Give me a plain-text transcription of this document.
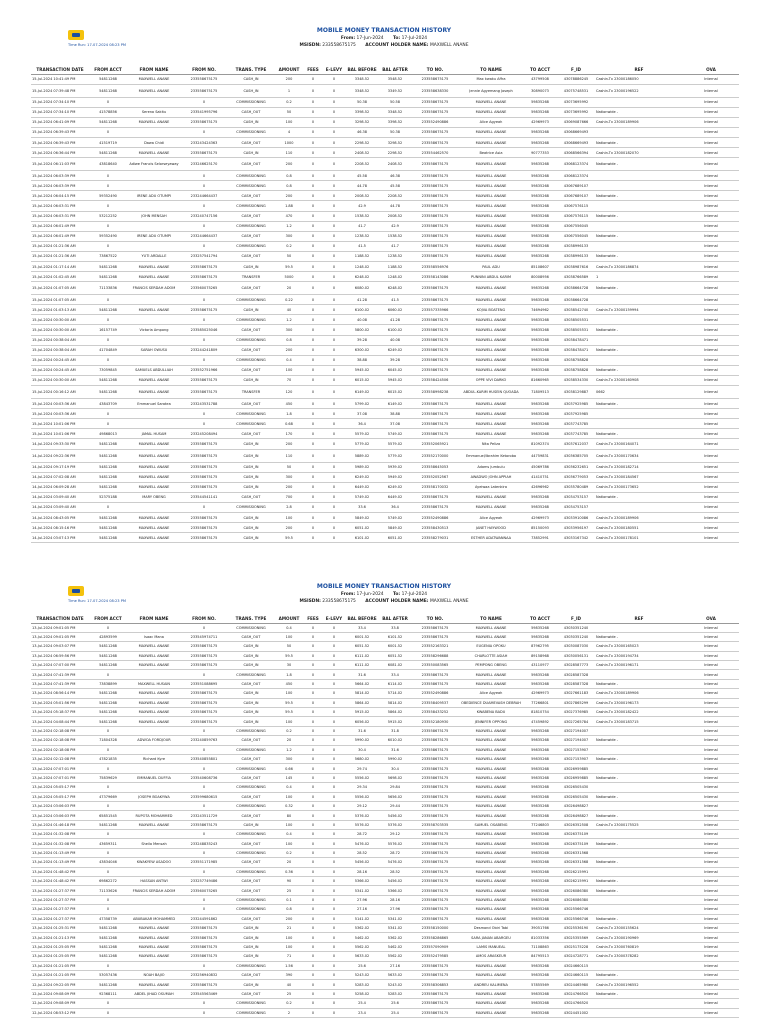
Time Run: 17-07-2024 08:23 PM
MOBILE MONEY TRANSACTION HISTORY
From: 17-Jun-2024 To: 17-Jul-2024
MSISDN: 233558675175 ACCOUNT HOLDER NAME: MAXWELL ANANE
TRANSACTION DATE	FROM ACCT	FROM NAME	FROM NO.	TRANS. TYPE	AMOUNT	FEES	E-LEVY	BAL BEFORE	BAL AFTER	TO NO.	TO NAME	TO ACCT	F_ID	REF	OVA
15-Jul-2024 10:41:49 PM	54811268	MAXWELL ANANE	233558675175	CASH_IN	200	0	0	3348.52	3548.52	233558675175	Max kwaku Affra	43799508	43078886245	Cashin-Tx 23000186050	Internal
15-Jul-2024 07:39:48 PM	54811268	MAXWELL ANANE	233558675175	CASH_IN	1	0	0	3348.52	3349.52	233558638330	Jennie Agyemang Joseph	30890073	43075748531	Cashin-Tx 23000196522	Internal
15-Jul-2024 07:34:10 PM	0		0	COMMISSIONING	0.2	0	0	50.38	50.58	233558675175	MAXWELL ANANE	59835268	43073695992		Internal
15-Jul-2024 07:34:10 PM	41578856	Serena Sakitu	233541995796	CASH_OUT	50	0	0	3398.52	3348.52	233558675175	MAXWELL ANANE	59835268	43073695992	Nationwide -	Internal
15-Jul-2024 06:41:09 PM	54811268	MAXWELL ANANE	233558675175	CASH_IN	100	0	0	3298.52	3398.52	233552490886	Alice Agyeah	42969973	43069087666	Cashin-Tx 23000189906	Internal
15-Jul-2024 06:39:43 PM	0		0	COMMISSIONING	4	0	0	46.38	50.38	233558675175	MAXWELL ANANE	59835268	43068669493		Internal
15-Jul-2024 06:39:43 PM	41519719	Dawa Chidi	233243424363	CASH_OUT	1000	0	0	2298.52	3298.52	233558675175	MAXWELL ANANE	59835268	43068669493	Nationwide -	Internal
15-Jul-2024 06:36:44 PM	54811268	MAXWELL ANANE	233558675175	CASH_IN	110	0	0	2408.52	2298.52	233554462570	Beatrice Asia	90777353	43068566394	Cashin-Tx 23000182070	Internal
15-Jul-2024 06:11:03 PM	43818640	Adiwe Francis Selorseyaway	233246625170	CASH_OUT	200	0	0	2208.52	2408.52	233558675175	MAXWELL ANANE	59835268	43068123374	Nationwide -	Internal
15-Jul-2024 06:03:39 PM	0		0	COMMISSIONING	0.8	0	0	45.58	46.38	233558675175	MAXWELL ANANE	59835268	43068123374		Internal
15-Jul-2024 06:03:39 PM	0		0	COMMISSIONING	0.8	0	0	44.78	45.58	233558675175	MAXWELL ANANE	59835268	43067689107		Internal
15-Jul-2024 06:04:15 PM	59352490	IRENE ADU OTUMPI	233244664437	CASH_OUT	200	0	0	2008.52	2208.52	233558675175	MAXWELL ANANE	59835268	43067689107	Nationwide -	Internal
15-Jul-2024 06:03:31 PM	0		0	COMMISSIONING	1.88	0	0	42.9	44.78	233558675175	MAXWELL ANANE	59835268	43067576115		Internal
15-Jul-2024 06:03:31 PM	53212252	JOHN MENSAH	233240747156	CASH_OUT	470	0	0	1538.52	2008.52	233558675175	MAXWELL ANANE	59835268	43067576115	Nationwide -	Internal
15-Jul-2024 06:01:49 PM	0		0	COMMISSIONING	1.2	0	0	41.7	42.9	233558675175	MAXWELL ANANE	59835268	43067556045		Internal
15-Jul-2024 06:01:49 PM	59352490	IRENE ADU OTUMPI	233244664437	CASH_OUT	300	0	0	1238.52	1538.52	233558675175	MAXWELL ANANE	59835268	43067556045	Nationwide -	Internal
15-Jul-2024 01:21:36 AM	0		0	COMMISSIONING	0.2	0	0	41.5	41.7	233558675175	MAXWELL ANANE	59835268	43038996133		Internal
15-Jul-2024 01:21:36 AM	73867522	YUTI ARDALLE	233257541794	CASH_OUT	50	0	0	1188.52	1238.52	233558675175	MAXWELL ANANE	59835268	43038996133	Nationwide -	Internal
15-Jul-2024 01:17:14 AM	54811268	MAXWELL ANANE	233558675175	CASH_IN	59.5	0	0	1248.02	1188.52	233558556976	PAUL ADU	85108607	43038987616	Cashin-Tx 23000186874	Internal
15-Jul-2024 01:02:45 AM	54811268	MAXWELL ANANE	233558675175	TRANSFER	5000	0	0	6248.02	1248.02	233558143086	PUNNINI ABDUL KARIM	80008956	43038766589	1	Internal
15-Jul-2024 01:07:05 AM	71133836	FRANCIS SERDAH ADOM	233560075265	CASH_OUT	20	0	0	6080.02	6248.02	233558675175	MAXWELL ANANE	59835268	43038664728	Nationwide -	Internal
15-Jul-2024 01:07:05 AM	0		0	COMMISSIONING	0.22	0	0	41.28	41.5	233558675175	MAXWELL ANANE	59835268	43038664728		Internal
15-Jul-2024 01:03:13 AM	54811268	MAXWELL ANANE	233558675175	CASH_IN	40	0	0	6100.02	6060.02	233557335966	KOJVA BOATENG	74694962	43038542740	Cashin-Tx 23000159994	Internal
15-Jul-2024 00:30:00 AM	0		0	COMMISSIONING	1.2	0	0	40.08	41.28	233558675175	MAXWELL ANANE	59835268	43038505531		Internal
15-Jul-2024 00:30:00 AM	16157749	Victoria Ampong	233585025046	CASH_OUT	300	0	0	5800.02	6100.02	233558675175	MAXWELL ANANE	59835268	43038505531	Nationwide -	Internal
15-Jul-2024 00:38:04 AM	0		0	COMMISSIONING	0.8	0	0	39.28	40.08	233558675175	MAXWELL ANANE	59835268	43038478471		Internal
15-Jul-2024 00:38:04 AM	41704849	SARAH OWUSU	233244241809	CASH_OUT	200	0	0	6300.02	6249.02	233558675175	MAXWELL ANANE	59835268	43038478471	Nationwide -	Internal
15-Jul-2024 00:24:45 AM	0		0	COMMISSIONING	0.4	0	0	38.88	39.28	233558675175	MAXWELL ANANE	59835268	43038758828		Internal
15-Jul-2024 00:24:45 AM	73059845	SAMUELS ABDULLIAH	233552751966	CASH_OUT	100	0	0	5945.02	6045.02	233558675175	MAXWELL ANANE	59835268	43038758828	Nationwide -	Internal
15-Jul-2024 00:30:00 AM	54811268	MAXWELL ANANE	233558675175	CASH_IN	70	0	0	6015.02	5945.02	233558424506	OPPE VIVI DARKO	81660965	43038534330	Cashin-Tx 23000160908	Internal
15-Jul-2024 00:16:12 AM	54811268	MAXWELL ANANE	233558675175	TRANSFER	120	0	0	6149.02	6015.02	233558998238	ABDUL-KARIM HUSEIN QUOADA	71809513	43038129887	0662	Internal
15-Jul-2024 00:03:36 AM	43843709	Emmanuel Saratea	233243531788	CASH_OUT	450	0	0	5799.02	6149.02	233558675175	MAXWELL ANANE	59835268	43037925985	Nationwide -	Internal
15-Jul-2024 00:03:36 AM	0		0	COMMISSIONING	1.8	0	0	37.08	38.88	233558675175	MAXWELL ANANE	59835268	43037925985		Internal
15-Jul-2024 10:01:06 PM	0		0	COMMISSIONING	0.68	0	0	36.4	37.08	233558675175	MAXWELL ANANE	59835268	43037743785		Internal
15-Jul-2024 10:01:06 PM	49868013	JAMAL HUSAM	233245208494	CASH_OUT	170	0	0	5579.02	5749.02	233558675175	MAXWELL ANANE	59835268	43037743785	Nationwide -	Internal
14-Jul-2024 09:33:30 PM	54811268	MAXWELL ANANE	233558675175	CASH_IN	200	0	0	5779.02	5579.02	233552065921	Nita Peliza	81092374	43037612037	Cashin-Tx 23000164071	Internal
14-Jul-2024 09:22:36 PM	54811268	MAXWELL ANANE	233558675175	CASH_IN	110	0	0	5889.02	5779.02	233552170000	Emmanuel/Ibrahim Ketoroba	44759831	43036385705	Cashin-Tx 23000170634	Internal
14-Jul-2024 09:17:19 PM	54811268	MAXWELL ANANE	233558675175	CASH_IN	50	0	0	5989.02	5939.02	233558645053	Adams Jumbulu	45069786	43036232651	Cashin-Tx 23000182714	Internal
14-Jul-2024 07:02:08 AM	54811268	MAXWELL ANANE	233558675175	CASH_IN	300	0	0	6249.02	5949.02	233552052567	AWADWO JOHN APPIAH	41410751	43036779053	Cashin-Tx 23000184567	Internal
14-Jul-2024 06:09:28 AM	54811268	MAXWELL ANANE	233558675175	CASH_IN	200	0	0	6449.02	6249.02	233558170032	Ayeiwaa Latenkira	42696962	43035780489	Cashin-Tx 23000173652	Internal
14-Jul-2024 03:09:40 AM	52375188	MARY OBENG	233544541141	CASH_OUT	700	0	0	5749.02	6449.02	233558675175	MAXWELL ANANE	59835268	43034753157	Nationwide -	Internal
14-Jul-2024 03:09:40 AM	0		0	COMMISSIONING	2.8	0	0	33.6	36.4	233558675175	MAXWELL ANANE	59835268	43034753157		Internal
14-Jul-2024 08:43:05 PM	54811268	MAXWELL ANANE	233558675175	CASH_IN	100	0	0	5849.02	5749.02	233552490886	Alice Agyeah	42969973	43033910086	Cashin-Tx 23000189906	Internal
14-Jul-2024 08:15:16 PM	54811268	MAXWELL ANANE	233558675175	CASH_IN	200	0	0	6051.02	5849.02	233558430513	JANET HAYWOOD	85150093	43033956197	Cashin-Tx 23000180551	Internal
14-Jul-2024 03:07:13 PM	54811268	MAXWELL ANANE	233558675175	CASH_IN	59.5	0	0	6101.02	6051.02	233558279031	ESTHER ADATWANNAA	73852991	43033167342	Cashin-Tx 23000178101	Internal
Time Run: 17-07-2024 08:23 PM
MOBILE MONEY TRANSACTION HISTORY
From: 17-Jun-2024 To: 17-Jul-2024
MSISDN: 233558675175 ACCOUNT HOLDER NAME: MAXWELL ANANE
TRANSACTION DATE	FROM ACCT	FROM NAME	FROM NO.	TRANS. TYPE	AMOUNT	FEES	E-LEVY	BAL BEFORE	BAL AFTER	TO NO.	TO NAME	TO ACCT	F_ID	REF	OVA
13-Jul-2024 09:01:05 PM	0		0	COMMISSIONING	0.4	0	0	33.4	33.8	233558675175	MAXWELL ANANE	59835268	43030351240		Internal
13-Jul-2024 09:01:05 PM	42893599	Isaac Mana	233545974711	CASH_OUT	100	0	0	6001.52	6101.52	233558675175	MAXWELL ANANE	59835268	43030351240	Nationwide -	Internal
13-Jul-2024 09:03:07 PM	54811268	MAXWELL ANANE	233558675175	CASH_IN	50	0	0	6051.52	6001.52	233552163321	EUGENIA OPOKU	87962795	43030087030	Cashin-Tx 23000165023	Internal
13-Jul-2024 06:59:56 PM	54811268	MAXWELL ANANE	233558675175	CASH_IN	59.5	0	0	6111.02	6051.52	233558296688	CHARLOTTE ASIAH	89158968	43030056131	Cashin-Tx 23000194734	Internal
13-Jul-2024 07:07:00 PM	54811268	MAXWELL ANANE	233558675175	CASH_IN	30	0	0	6111.02	6081.02	233550083565	PEMPONG OBENG	43110977	43028587773	Cashin-Tx 23000196171	Internal
13-Jul-2024 07:41:39 PM	0		0	COMMISSIONING	1.8	0	0	31.6	33.4	233558675175	MAXWELL ANANE	59835268	43028587328		Internal
13-Jul-2024 07:41:39 PM	73838899	MAXWELL HUSAIN	233551088695	CASH_OUT	450	0	0	5664.02	6114.02	233558675175	MAXWELL ANANE	59835268	43028587328	Nationwide -	Internal
13-Jul-2024 08:56:14 PM	54811268	MAXWELL ANANE	233558675175	CASH_IN	100	0	0	5814.02	5714.02	233552490886	Alice Agyeah	42969973	43027661183	Cashin-Tx 23000189906	Internal
13-Jul-2024 05:01:56 PM	54811268	MAXWELL ANANE	233558675175	CASH_IN	59.5	0	0	5864.02	5814.02	233558409537	OBEDIENCE DUAMEVASH DEBRAH	77266801	43027865299	Cashin-Tx 23000196173	Internal
13-Jul-2024 05:18:37 PM	54811268	MAXWELL ANANE	233558675175	CASH_IN	59.5	0	0	5915.02	5864.02	233558433252	KWABENA BADU	81810754	43027376985	Cashin-Tx 23000182422	Internal
13-Jul-2024 04:08:44 PM	54811268	MAXWELL ANANE	233558675175	CASH_IN	100	0	0	6056.02	5915.02	233552180930	JENNIFER OPPONG	47459892	43027265784	Cashin-Tx 23000183715	Internal
13-Jul-2024 02:18:08 PM	0		0	COMMISSIONING	0.2	0	0	31.6	31.8	233558675175	MAXWELL ANANE	59835268	43027194007		Internal
13-Jul-2024 02:18:08 PM	71804328	ADWOA FORDJOUR	233240859763	CASH_OUT	20	0	0	5990.02	6010.02	233558675175	MAXWELL ANANE	59835268	43027194007	Nationwide -	Internal
13-Jul-2024 02:18:08 PM	0		0	COMMISSIONING	1.2	0	0	30.4	31.6	233558675175	MAXWELL ANANE	59835268	43027153907		Internal
13-Jul-2024 02:12:08 PM	47821835	Richard Kyre	233540855801	CASH_OUT	300	0	0	5680.02	5990.02	233558675175	MAXWELL ANANE	59835268	43027153907	Nationwide -	Internal
13-Jul-2024 07:07:01 PM	0		0	COMMISSIONING	0.66	0	0	29.74	30.4	233558675175	MAXWELL ANANE	59835268	43026959885		Internal
13-Jul-2024 07:07:01 PM	75839629	EMMANUEL DUFFIA	233540608736	CASH_OUT	145	0	0	5556.02	5698.02	233558675175	MAXWELL ANANE	59835268	43026959885	Nationwide -	Internal
13-Jul-2024 05:05:17 PM	0		0	COMMISSIONING	0.4	0	0	29.34	29.84	233558675175	MAXWELL ANANE	59835268	43026505430		Internal
13-Jul-2024 05:05:17 PM	47379669	JOSEPH BOAKYWA	233599680615	CASH_OUT	100	0	0	5556.02	5656.02	233558675175	MAXWELL ANANE	59835268	43026505430	Nationwide -	Internal
13-Jul-2024 03:06:03 PM	0		0	COMMISSIONING	0.32	0	0	29.12	29.44	233558675175	MAXWELL ANANE	59835268	43026498827		Internal
13-Jul-2024 03:06:03 PM	65851545	RUPOTA MOHAMMED	233243511729	CASH_OUT	80	0	0	5376.02	5456.02	233558675175	MAXWELL ANANE	59835268	43026498827	Nationwide -	Internal
13-Jul-2024 01:46:18 PM	54811268	MAXWELL ANANE	233558675175	CASH_IN	100	0	0	5576.02	5376.02	233558703535	SAMUEL OSABENG	77246803	43026352508	Cashin-Tx 23000175525	Internal
13-Jul-2024 01:32:08 PM	0		0	COMMISSIONING	0.4	0	0	28.72	29.12	233558675175	MAXWELL ANANE	59835268	43026375109		Internal
13-Jul-2024 01:32:08 PM	43659311	Sheila Mensah	233248835243	CASH_OUT	100	0	0	5476.02	5576.02	233558675175	MAXWELL ANANE	59835268	43026375109	Nationwide -	Internal
13-Jul-2024 01:13:49 PM	0		0	COMMISSIONING	0.2	0	0	28.52	28.72	233558675175	MAXWELL ANANE	59835268	43026331568		Internal
13-Jul-2024 01:13:49 PM	43834046	KWAKYEW ASADOO	233551171985	CASH_OUT	20	0	0	5456.02	5476.02	233558675175	MAXWELL ANANE	59835268	43026331568	Nationwide -	Internal
13-Jul-2024 01:48:42 PM	0		0	COMMISSIONING	0.36	0	0	28.16	28.52	233558675175	MAXWELL ANANE	59835268	43026215991		Internal
13-Jul-2024 01:48:42 PM	69862272	HASSAN ANTWI	233257749486	CASH_OUT	90	0	0	5366.02	5456.02	233558675175	MAXWELL ANANE	59835268	43026215991	Nationwide -	Internal
13-Jul-2024 01:27:37 PM	71133626	FRANCIS SERDAH ADOM	233560075265	CASH_OUT	25	0	0	5341.02	5366.02	233558675175	MAXWELL ANANE	59835268	43026086380	Nationwide -	Internal
13-Jul-2024 01:27:37 PM	0		0	COMMISSIONING	0.1	0	0	27.96	28.16	233558675175	MAXWELL ANANE	59835268	43026086380		Internal
13-Jul-2024 01:27:37 PM	0		0	COMMISSIONING	0.8	0	0	27.16	27.96	233558675175	MAXWELL ANANE	59835268	43025566746		Internal
13-Jul-2024 01:27:37 PM	47358739	ABUBAKAR MOHAMMED	233244591862	CASH_OUT	200	0	0	5141.02	5341.02	233558675175	MAXWELL ANANE	59835268	43025566746	Nationwide -	Internal
13-Jul-2024 01:25:31 PM	54811268	MAXWELL ANANE	233558675175	CASH_IN	21	0	0	5362.02	5341.02	233558150000	Desmond Obiri Tabi	39051766	43025536190	Cashin-Tx 23000155624	Internal
13-Jul-2024 01:21:13 PM	54811268	MAXWELL ANANE	233558675175	CASH_IN	100	0	0	5462.02	5362.02	233558286865	SARA JANAN ABARGEU	81033356	43025355569	Cashin-Tx 23000190969	Internal
13-Jul-2024 01:25:05 PM	54811268	MAXWELL ANANE	233558675175	CASH_IN	100	0	0	5562.02	5462.02	233557090909	LAMIS MANUEAL	71108863	43025175228	Cashin-Tx 23000760819	Internal
13-Jul-2024 01:25:05 PM	54811268	MAXWELL ANANE	233558675175	CASH_IN	71	0	0	5633.02	5562.02	233552479585	AMOS ARASKEUR	84795513	43024728771	Cashin-Tx 23000378282	Internal
13-Jul-2024 01:21:05 PM	0		0	COMMISSIONING	1.56	0	0	25.6	27.16	233558675175	MAXWELL ANANE	59835268	43024660115		Internal
13-Jul-2024 01:21:05 PM	53057436	NOAH BAJIO	233256940832	CASH_OUT	390	0	0	5243.02	5633.02	233558675175	MAXWELL ANANE	59835268	43024660115	Nationwide -	Internal
12-Jul-2024 09:22:05 PM	54811268	MAXWELL ANANE	233558675175	CASH_IN	40	0	0	5283.02	5243.02	233558306853	ANDREU KALIMENA	57855569	43024465980	Cashin-Tx 23000196552	Internal
12-Jul-2024 09:08:09 PM	92368111	ABDEL JIHAD OSUMAH	233545563469	CASH_OUT	25	0	0	5258.02	5283.02	233558675175	MAXWELL ANANE	59835268	43024766520	Nationwide -	Internal
12-Jul-2024 09:08:09 PM	0		0	COMMISSIONING	0.2	0	0	25.4	25.6	233558675175	MAXWELL ANANE	59835268	43024766520		Internal
12-Jul-2024 08:53:12 PM	0		0	COMMISSIONING	2	0	0	23.4	25.4	233558675175	MAXWELL ANANE	59835268	43024451002		Internal
